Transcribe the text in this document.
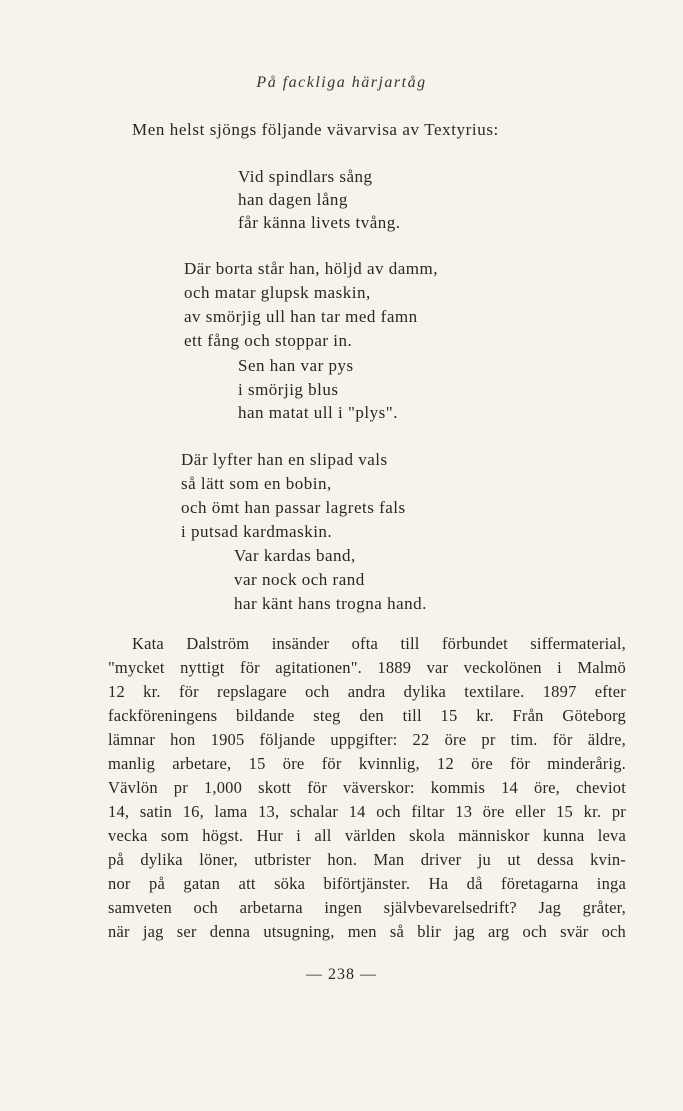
På fackliga härjartåg
Men helst sjöngs följande vävarvisa av Textyrius:
Vid spindlars sång
han dagen lång
får känna livets tvång.
Där borta står han, höljd av damm,
och matar glupsk maskin,
av smörjig ull han tar med famn
ett fång och stoppar in.
Sen han var pys
i smörjig blus
han matat ull i "plys".
Där lyfter han en slipad vals
så lätt som en bobin,
och ömt han passar lagrets fals
i putsad kardmaskin.
Var kardas band,
var nock och rand
har känt hans trogna hand.
Kata Dalström insänder ofta till förbundet siffermaterial,
"mycket nyttigt för agitationen". 1889 var veckolönen i Malmö
12 kr. för repslagare och andra dylika textilare. 1897 efter
fackföreningens bildande steg den till 15 kr. Från Göteborg
lämnar hon 1905 följande uppgifter: 22 öre pr tim. för äldre,
manlig arbetare, 15 öre för kvinnlig, 12 öre för minderårig.
Vävlön pr 1,000 skott för väverskor: kommis 14 öre, cheviot
14, satin 16, lama 13, schalar 14 och filtar 13 öre eller 15 kr. pr
vecka som högst. Hur i all världen skola människor kunna leva
på dylika löner, utbrister hon. Man driver ju ut dessa kvin-
nor på gatan att söka biförtjänster. Ha då företagarna inga
samveten och arbetarna ingen självbevarelsedrift? Jag gråter,
när jag ser denna utsugning, men så blir jag arg och svär och
— 238 —
